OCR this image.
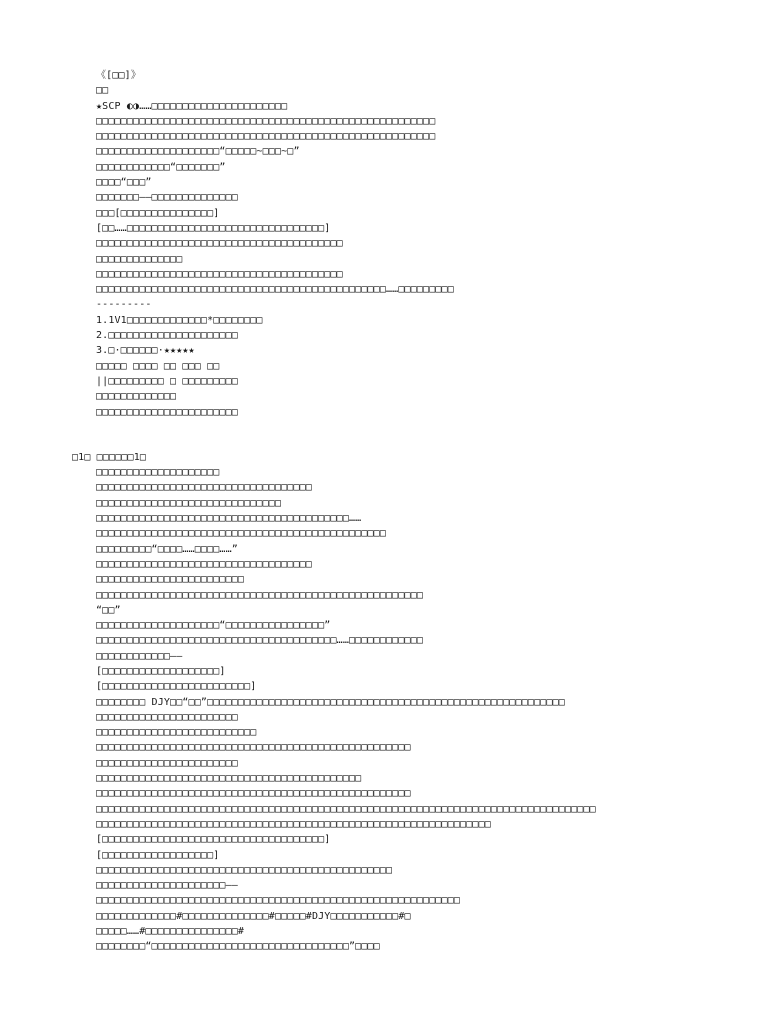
《[□□]》

□□

★SCP ◐◑……□□□□□□□□□□□□□□□□□□□□□□

□□□□□□□□□□□□□□□□□□□□□□□□□□□□□□□□□□□□□□□□□□□□□□□□□□□□□□□

□□□□□□□□□□□□□□□□□□□□□□□□□□□□□□□□□□□□□□□□□□□□□□□□□□□□□□□

□□□□□□□□□□□□□□□□□□□□“□□□□□~□□□~□”

□□□□□□□□□□□□“□□□□□□□”

□□□□“□□□”

□□□□□□□——□□□□□□□□□□□□□□

□□□[□□□□□□□□□□□□□□□]

[□□……□□□□□□□□□□□□□□□□□□□□□□□□□□□□□□□□]

□□□□□□□□□□□□□□□□□□□□□□□□□□□□□□□□□□□□□□□□

□□□□□□□□□□□□□□

□□□□□□□□□□□□□□□□□□□□□□□□□□□□□□□□□□□□□□□□

□□□□□□□□□□□□□□□□□□□□□□□□□□□□□□□□□□□□□□□□□□□□□□□……□□□□□□□□□

---------

1.1V1□□□□□□□□□□□□□*□□□□□□□□

2.□□□□□□□□□□□□□□□□□□□□□

3.□·□□□□□□·★★★★★

□□□□□ □□□□ □□ □□□ □□

||□□□□□□□□□ □ □□□□□□□□□

□□□□□□□□□□□□□

□□□□□□□□□□□□□□□□□□□□□□□

□1□ □□□□□□1□

□□□□□□□□□□□□□□□□□□□□

□□□□□□□□□□□□□□□□□□□□□□□□□□□□□□□□□□□

□□□□□□□□□□□□□□□□□□□□□□□□□□□□□□

□□□□□□□□□□□□□□□□□□□□□□□□□□□□□□□□□□□□□□□□□……

□□□□□□□□□□□□□□□□□□□□□□□□□□□□□□□□□□□□□□□□□□□□□□□

□□□□□□□□□“□□□□……□□□□……”

□□□□□□□□□□□□□□□□□□□□□□□□□□□□□□□□□□□

□□□□□□□□□□□□□□□□□□□□□□□□

□□□□□□□□□□□□□□□□□□□□□□□□□□□□□□□□□□□□□□□□□□□□□□□□□□□□□

“□□”

□□□□□□□□□□□□□□□□□□□□“□□□□□□□□□□□□□□□□”

□□□□□□□□□□□□□□□□□□□□□□□□□□□□□□□□□□□□□□□……□□□□□□□□□□□□

□□□□□□□□□□□□——

[□□□□□□□□□□□□□□□□□□□]

[□□□□□□□□□□□□□□□□□□□□□□□□]

□□□□□□□□ DJY□□“□□”□□□□□□□□□□□□□□□□□□□□□□□□□□□□□□□□□□□□□□□□□□□□□□□□□□□□□□□□□□

□□□□□□□□□□□□□□□□□□□□□□□

□□□□□□□□□□□□□□□□□□□□□□□□□□

□□□□□□□□□□□□□□□□□□□□□□□□□□□□□□□□□□□□□□□□□□□□□□□□□□□

□□□□□□□□□□□□□□□□□□□□□□□

□□□□□□□□□□□□□□□□□□□□□□□□□□□□□□□□□□□□□□□□□□□

□□□□□□□□□□□□□□□□□□□□□□□□□□□□□□□□□□□□□□□□□□□□□□□□□□□

□□□□□□□□□□□□□□□□□□□□□□□□□□□□□□□□□□□□□□□□□□□□□□□□□□□□□□□□□□□□□□□□□□□□□□□□□□□□□□□□□

□□□□□□□□□□□□□□□□□□□□□□□□□□□□□□□□□□□□□□□□□□□□□□□□□□□□□□□□□□□□□□□□

[□□□□□□□□□□□□□□□□□□□□□□□□□□□□□□□□□□□□]

[□□□□□□□□□□□□□□□□□□]

□□□□□□□□□□□□□□□□□□□□□□□□□□□□□□□□□□□□□□□□□□□□□□□□

□□□□□□□□□□□□□□□□□□□□□——

□□□□□□□□□□□□□□□□□□□□□□□□□□□□□□□□□□□□□□□□□□□□□□□□□□□□□□□□□□□

□□□□□□□□□□□□□#□□□□□□□□□□□□□□#□□□□□#DJY□□□□□□□□□□□#□

□□□□□……#□□□□□□□□□□□□□□□#

□□□□□□□□“□□□□□□□□□□□□□□□□□□□□□□□□□□□□□□□□”□□□□
